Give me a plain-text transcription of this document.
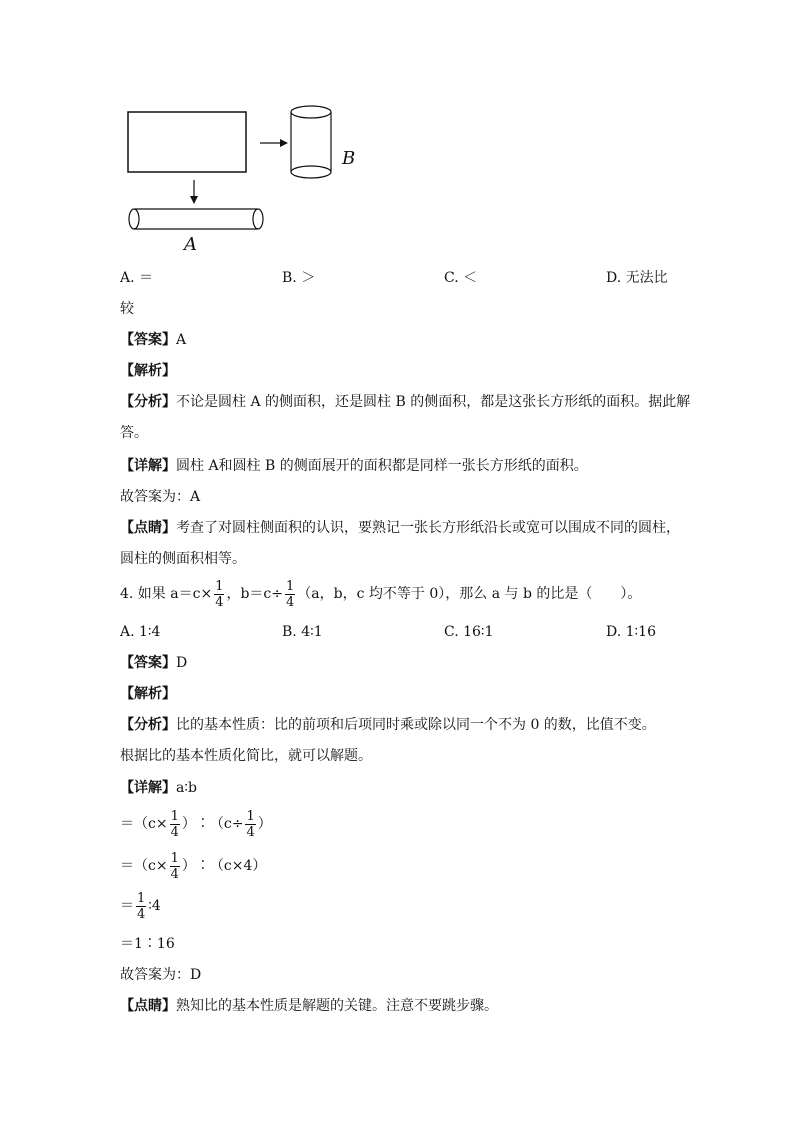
B
A
A. ＝	B. ＞	C. ＜	D. 无法比
较
【答案】A
【解析】
【分析】不论是圆柱 A 的侧面积，还是圆柱 B 的侧面积，都是这张长方形纸的面积。据此解
答。
【详解】圆柱 A和圆柱 B 的侧面展开的面积都是同样一张长方形纸的面积。
故答案为：A
【点睛】考查了对圆柱侧面积的认识，要熟记一张长方形纸沿长或宽可以围成不同的圆柱，
圆柱的侧面积相等。
4. 如果 $a=c\times \frac{1}{4}$ ，$b=c\div \frac{1}{4} (a$，b，c 均不等于 0），那么 a 与 b 的比是（　　）。
A. 1∶4	B. 4∶1	C. 16∶1	D. 1∶16
【答案】D
【解析】
【分析】比的基本性质：比的前项和后项同时乘或除以同一个不为 0 的数，比值不变。
根据比的基本性质化简比，就可以解题。
【详解】a∶b
$=(c\times \frac{1}{4}$ ）∶（c÷ $\frac{1}{4}$ ）
$=(c\times \frac{1}{4}$ ）∶（c×4）
＝ $\frac{1}{4}$ ∶4
＝1∶16
故答案为：D
【点睛】熟知比的基本性质是解题的关键。注意不要跳步骤。
